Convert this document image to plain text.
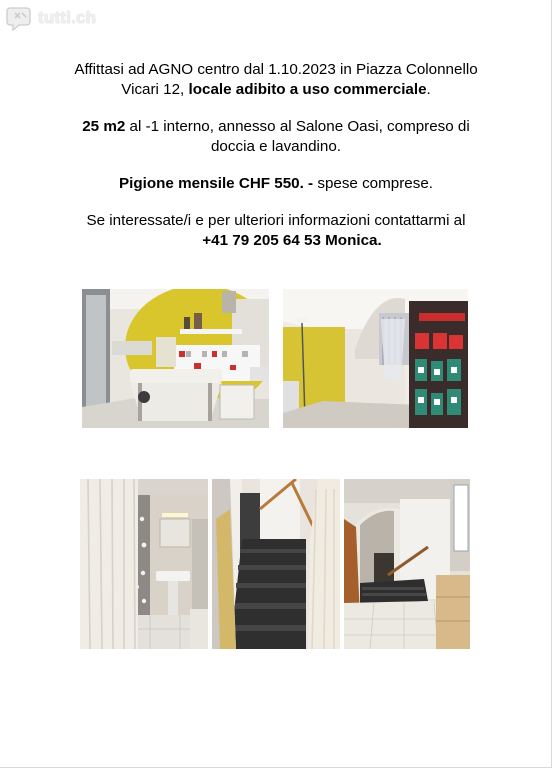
tutti.ch
Affittasi ad AGNO centro dal 1.10.2023 in Piazza Colonnello
Vicari 12, locale adibito a uso commerciale.
25 m2 al -1 interno, annesso al Salone Oasi, compreso di
doccia e lavandino.
Pigione mensile CHF 550. - spese comprese.
Se interessate/i e per ulteriori informazioni contattarmi al
+41 79 205 64 53 Monica.
